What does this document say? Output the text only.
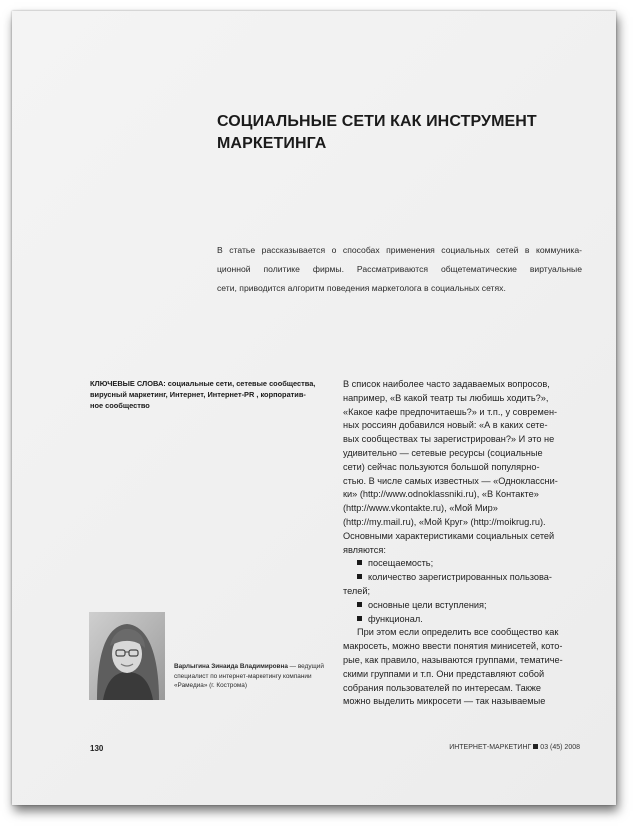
СОЦИАЛЬНЫЕ СЕТИ КАК ИНСТРУМЕНТ
МАРКЕТИНГА
В статье рассказывается о способах применения социальных сетей в коммуника-
ционной политике фирмы. Рассматриваются общетематические виртуальные
сети, приводится алгоритм поведения маркетолога в социальных сетях.
КЛЮЧЕВЫЕ СЛОВА: социальные сети, сетевые сообщества,
вирусный маркетинг, Интернет, Интернет-PR , корпоратив-
ное сообщество
Варлыгина Зинаида Владимировна — ведущий
специалист по интернет-маркетингу компании
«Рамедиа» (г. Кострома)
В список наиболее часто задаваемых вопросов,
например, «В какой театр ты любишь ходить?»,
«Какое кафе предпочитаешь?» и т.п., у современ-
ных россиян добавился новый: «А в каких сете-
вых сообществах ты зарегистрирован?» И это не
удивительно — сетевые ресурсы (социальные
сети) сейчас пользуются большой популярно-
стью. В числе самых известных — «Одноклассни-
ки» (http://www.odnoklassniki.ru), «В Контакте»
(http://www.vkontakte.ru), «Мой Мир»
(http://my.mail.ru), «Мой Круг» (http://moikrug.ru).
Основными характеристиками социальных сетей
являются:
посещаемость;
количество зарегистрированных пользова-
телей;
основные цели вступления;
функционал.
При этом если определить все сообщество как
макросеть, можно ввести понятия минисетей, кото-
рые, как правило, называются группами, тематиче-
скими группами и т.п. Они представляют собой
собрания пользователей по интересам. Также
можно выделить микросети — так называемые
130	ИНТЕРНЕТ-МАРКЕТИНГ 03 (45) 2008
